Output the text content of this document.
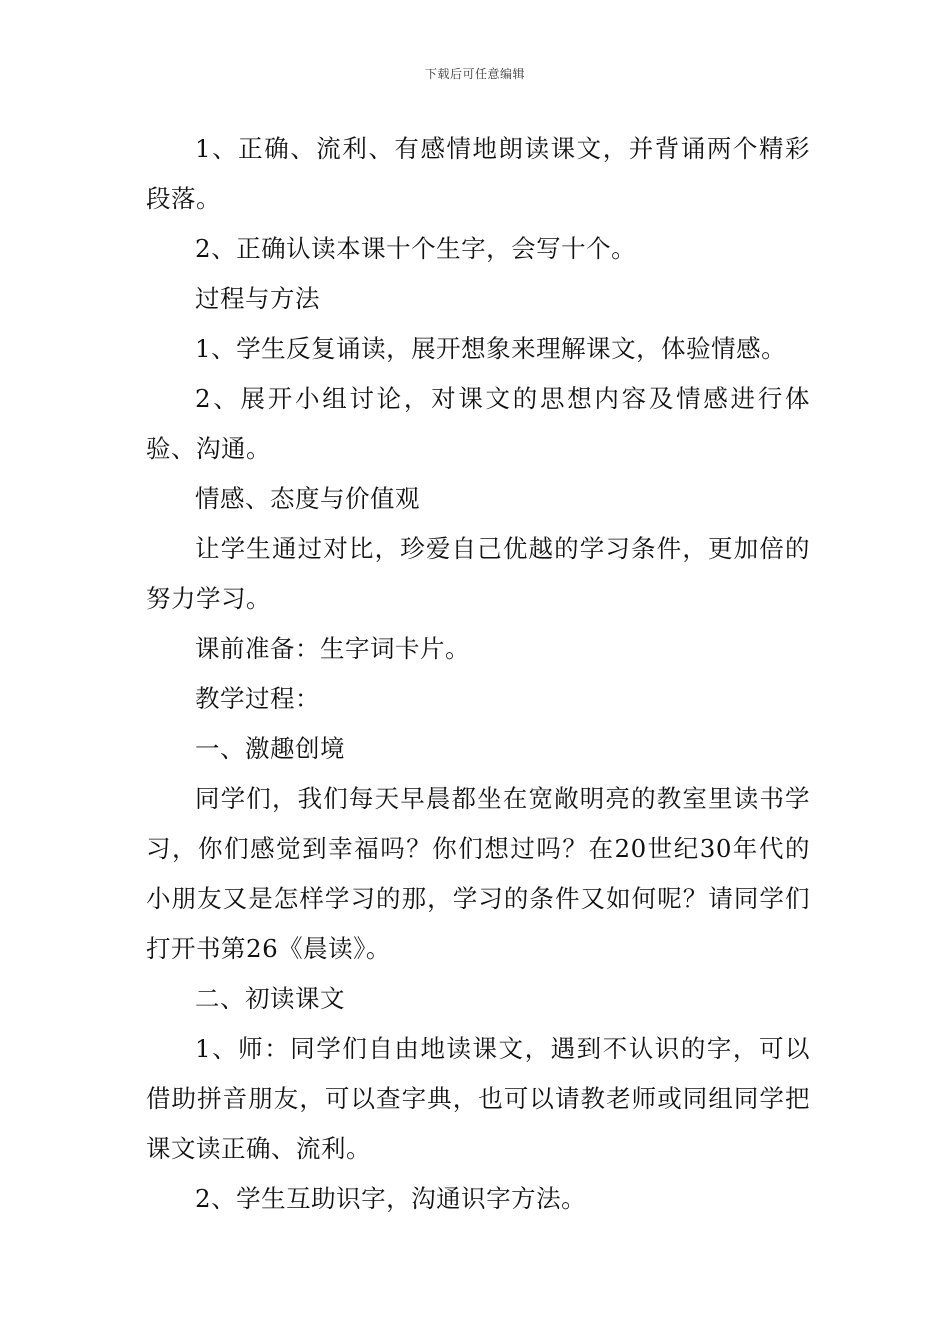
下载后可任意编辑

1、正确、流利、有感情地朗读课文，并背诵两个精彩段落。

2、正确认读本课十个生字，会写十个。

过程与方法

1、学生反复诵读，展开想象来理解课文，体验情感。

2、展开小组讨论，对课文的思想内容及情感进行体验、沟通。

情感、态度与价值观

让学生通过对比，珍爱自己优越的学习条件，更加倍的努力学习。

课前准备：生字词卡片。

教学过程：

一、激趣创境

同学们，我们每天早晨都坐在宽敞明亮的教室里读书学习，你们感觉到幸福吗？你们想过吗？在20世纪30年代的小朋友又是怎样学习的那，学习的条件又如何呢？请同学们打开书第26《晨读》。

二、初读课文

1、师：同学们自由地读课文，遇到不认识的字，可以借助拼音朋友，可以查字典，也可以请教老师或同组同学把课文读正确、流利。

2、学生互助识字，沟通识字方法。
